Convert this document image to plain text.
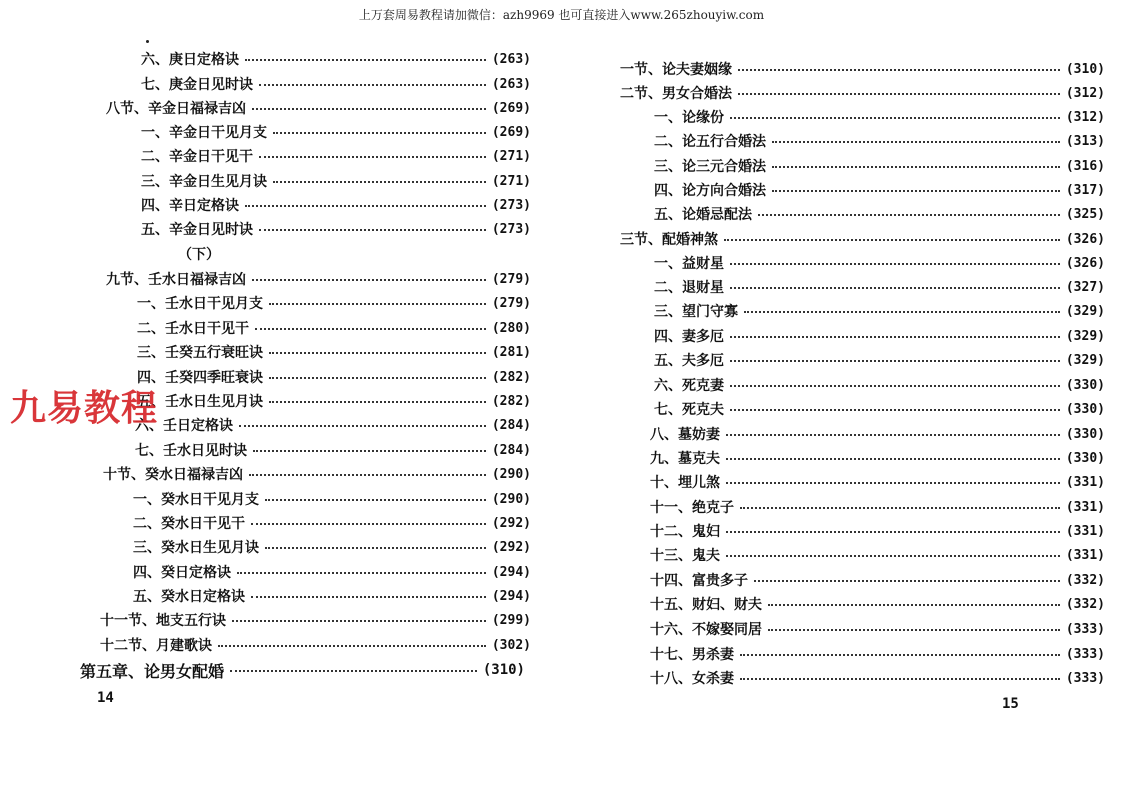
上万套周易教程请加微信：azh9969 也可直接进入www.265zhouyiw.com
六、庚日定格诀	(263)
七、庚金日见时诀	(263)
八节、辛金日福禄吉凶	(269)
一、辛金日干见月支	(269)
二、辛金日干见干	(271)
三、辛金日生见月诀	(271)
四、辛日定格诀	(273)
五、辛金日见时诀	(273)
（下）
九节、壬水日福禄吉凶	(279)
一、壬水日干见月支	(279)
二、壬水日干见干	(280)
三、壬癸五行衰旺诀	(281)
四、壬癸四季旺衰诀	(282)
五、壬水日生见月诀	(282)
六、壬日定格诀	(284)
七、壬水日见时诀	(284)
十节、癸水日福禄吉凶	(290)
一、癸水日干见月支	(290)
二、癸水日干见干	(292)
三、癸水日生见月诀	(292)
四、癸日定格诀	(294)
五、癸水日定格诀	(294)
十一节、地支五行诀	(299)
十二节、月建歌诀	(302)
第五章、论男女配婚	(310)
14
一节、论夫妻姻缘	(310)
二节、男女合婚法	(312)
一、论缘份	(312)
二、论五行合婚法	(313)
三、论三元合婚法	(316)
四、论方向合婚法	(317)
五、论婚忌配法	(325)
三节、配婚神煞	(326)
一、益财星	(326)
二、退财星	(327)
三、望门守寡	(329)
四、妻多厄	(329)
五、夫多厄	(329)
六、死克妻	(330)
七、死克夫	(330)
八、墓妨妻	(330)
九、墓克夫	(330)
十、埋儿煞	(331)
十一、绝克子	(331)
十二、鬼妇	(331)
十三、鬼夫	(331)
十四、富贵多子	(332)
十五、财妇、财夫	(332)
十六、不嫁娶同居	(333)
十七、男杀妻	(333)
十八、女杀妻	(333)
15
九易教程
